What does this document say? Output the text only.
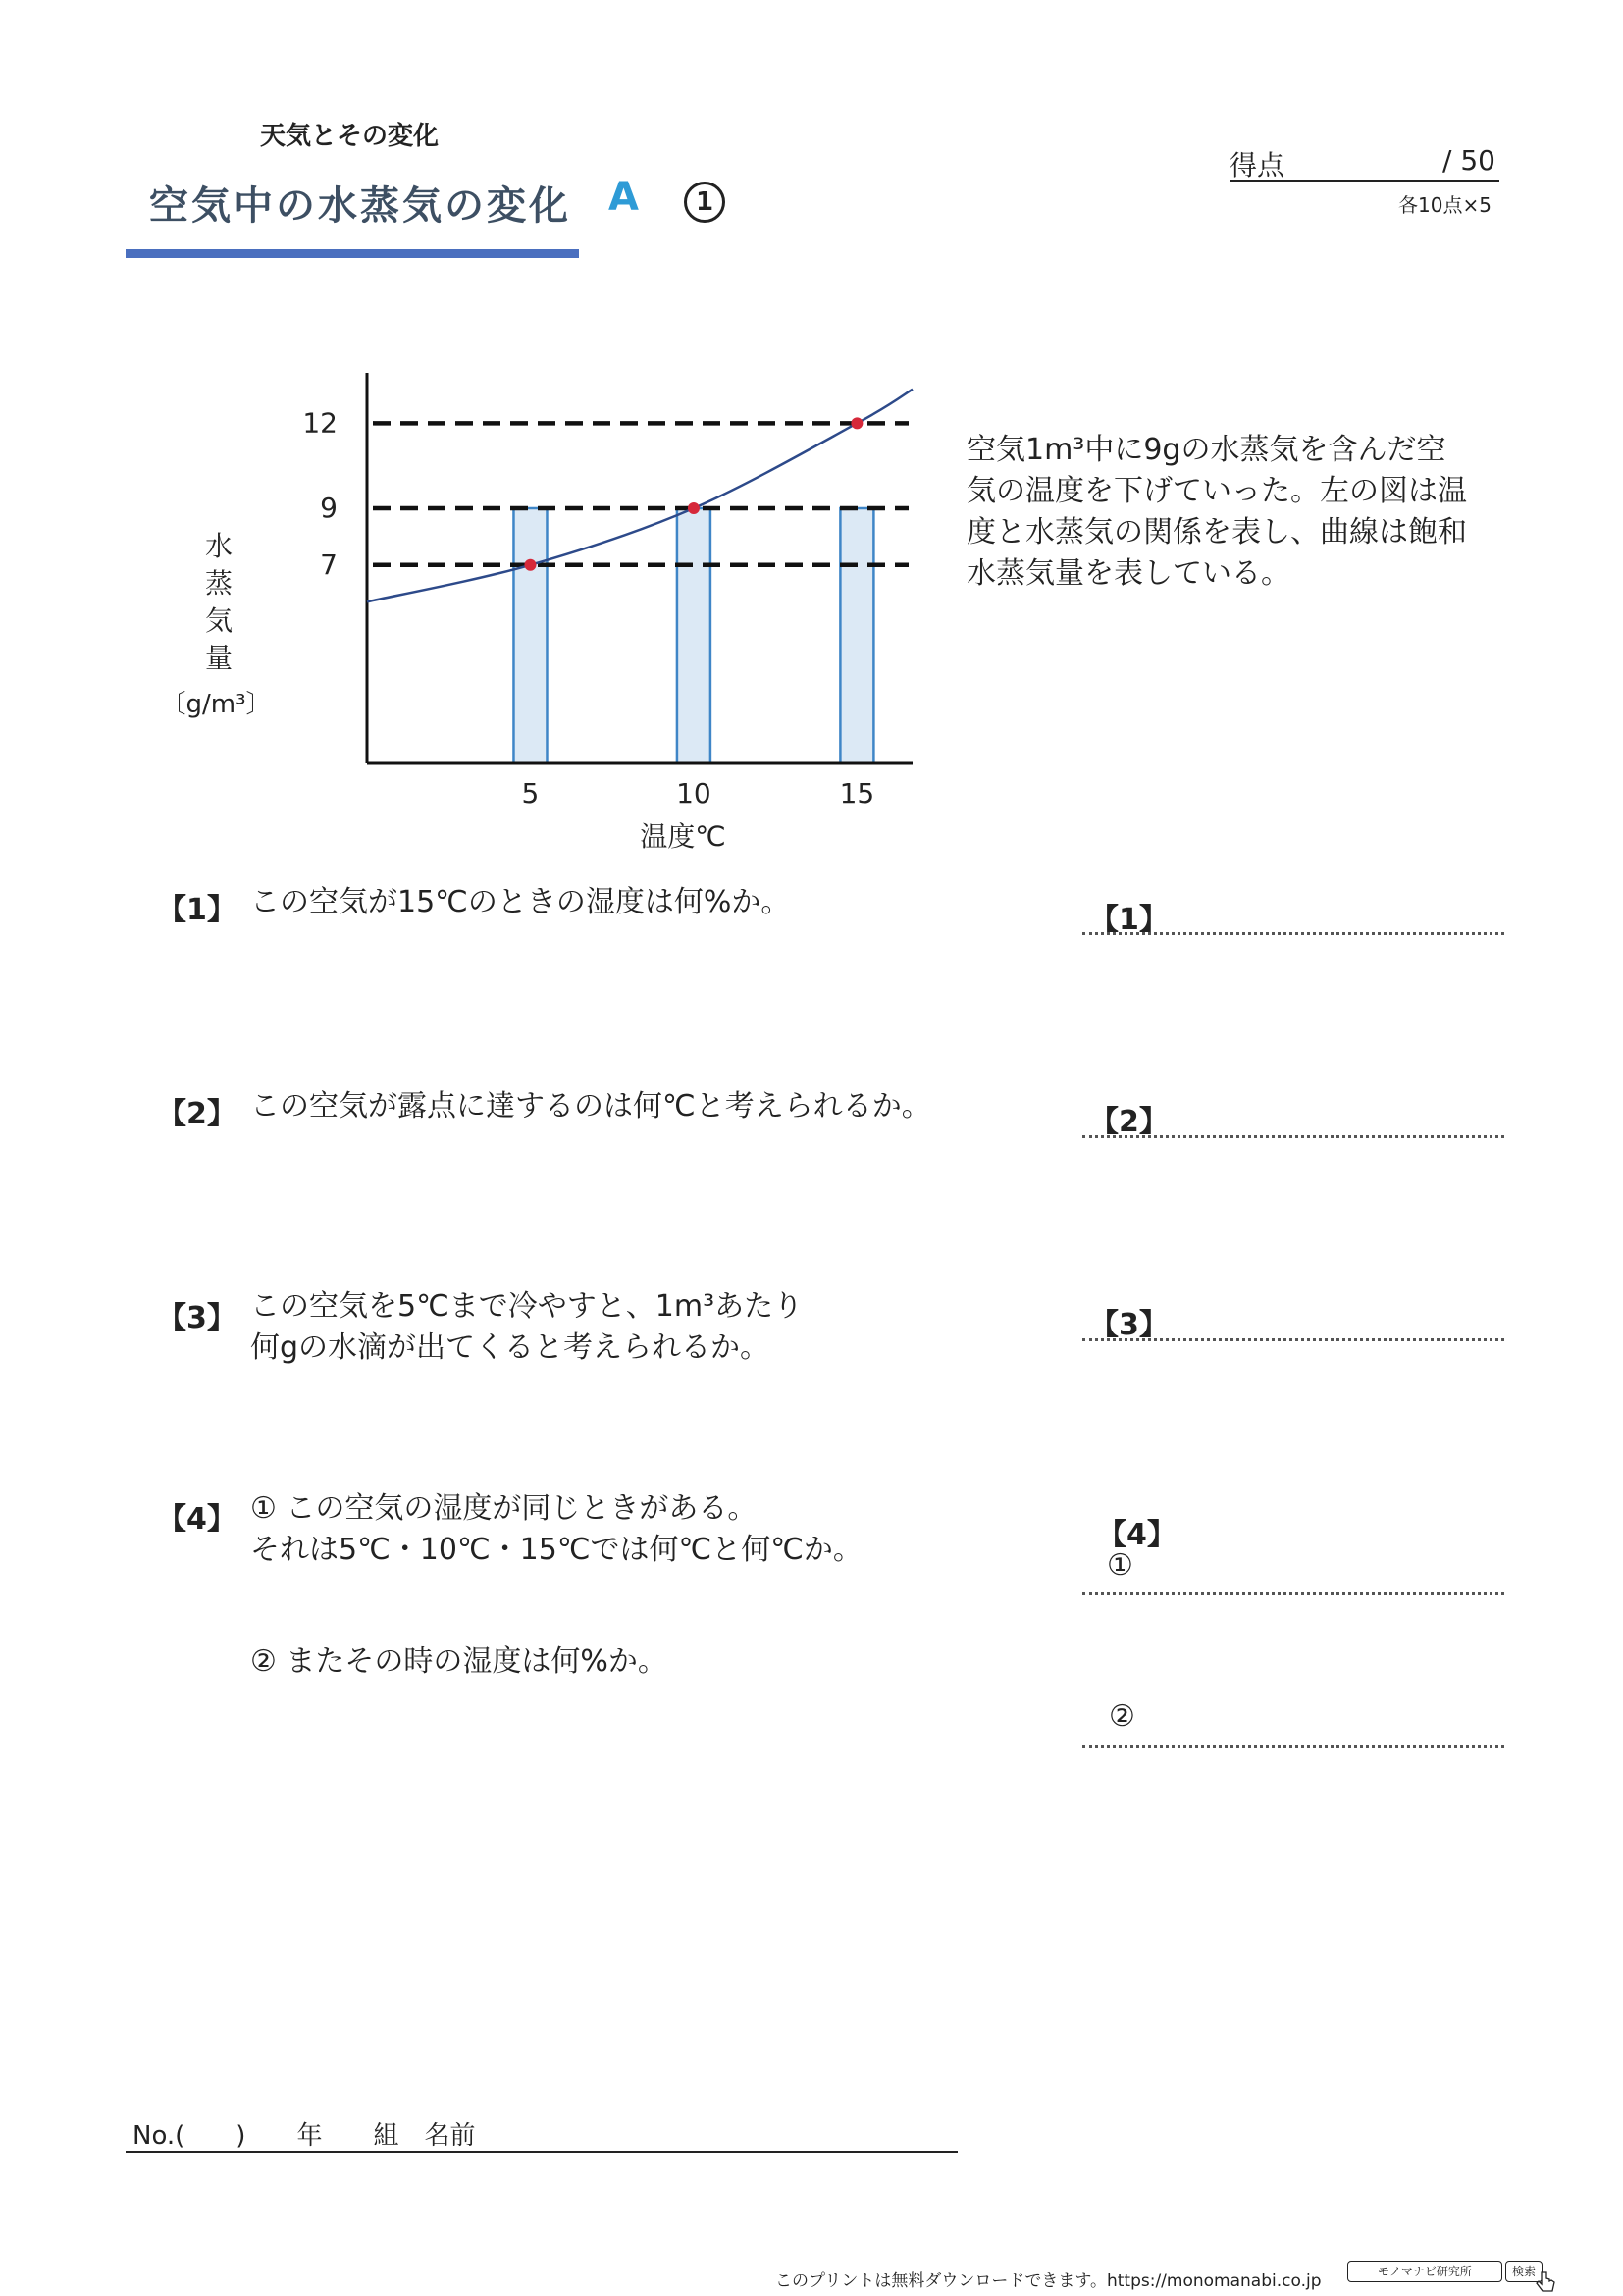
天気とその変化
空気中の水蒸気の変化 A	1
得点	/ 50
各10点×5
12
9
7
5	10	15
水
蒸
気
量
〔g/m³〕
温度℃
空気1m³中に9gの水蒸気を含んだ空
気の温度を下げていった。左の図は温
度と水蒸気の関係を表し、曲線は飽和
水蒸気量を表している。
【1】 この空気が15℃のときの湿度は何%か。
【2】 この空気が露点に達するのは何℃と考えられるか。
【3】 この空気を5℃まで冷やすと、1m³あたり
何gの水滴が出てくると考えられるか。
【4】 ① この空気の湿度が同じときがある。
それは5℃・10℃・15℃では何℃と何℃か。
② またその時の湿度は何%か。
【1】
【2】
【3】
【4】
①
②
No.(　　)　　年　　組　名前
このプリントは無料ダウンロードできます。https://monomanabi.co.jp	モノマナビ研究所	検索
